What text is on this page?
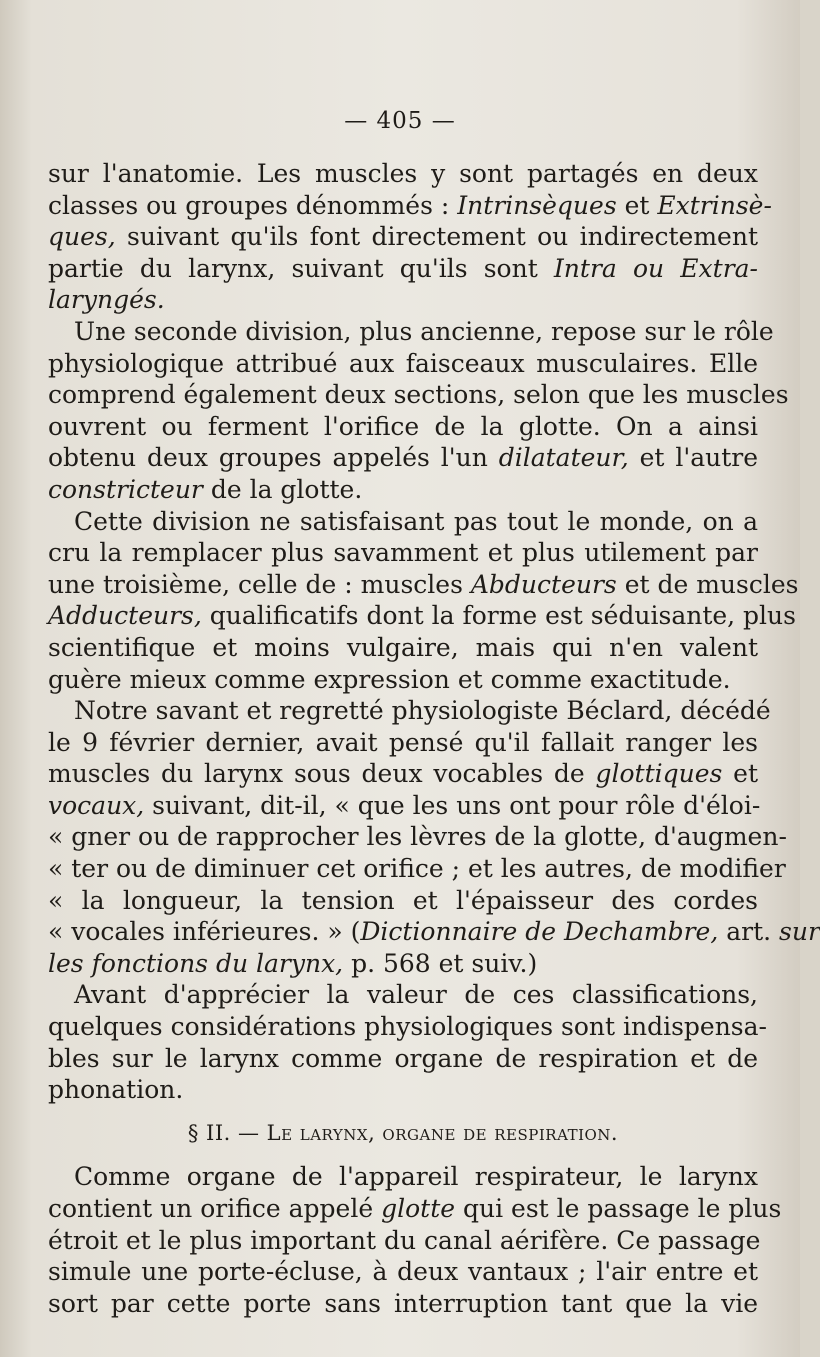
— 405 —
sur l'anatomie. Les muscles y sont partagés en deux
classes ou groupes dénommés : Intrinsèques et Extrinsè-
ques, suivant qu'ils font directement ou indirectement
partie du larynx, suivant qu'ils sont Intra ou Extra-
laryngés.
Une seconde division, plus ancienne, repose sur le rôle
physiologique attribué aux faisceaux musculaires. Elle
comprend également deux sections, selon que les muscles
ouvrent ou ferment l'orifice de la glotte. On a ainsi
obtenu deux groupes appelés l'un dilatateur, et l'autre
constricteur de la glotte.
Cette division ne satisfaisant pas tout le monde, on a
cru la remplacer plus savamment et plus utilement par
une troisième, celle de : muscles Abducteurs et de muscles
Adducteurs, qualificatifs dont la forme est séduisante, plus
scientifique et moins vulgaire, mais qui n'en valent
guère mieux comme expression et comme exactitude.
Notre savant et regretté physiologiste Béclard, décédé
le 9 février dernier, avait pensé qu'il fallait ranger les
muscles du larynx sous deux vocables de glottiques et
vocaux, suivant, dit-il, « que les uns ont pour rôle d'éloi-
« gner ou de rapprocher les lèvres de la glotte, d'augmen-
« ter ou de diminuer cet orifice ; et les autres, de modifier
« la longueur, la tension et l'épaisseur des cordes
« vocales inférieures. » (Dictionnaire de Dechambre, art. sur
les fonctions du larynx, p. 568 et suiv.)
Avant d'apprécier la valeur de ces classifications,
quelques considérations physiologiques sont indispensa-
bles sur le larynx comme organe de respiration et de
phonation.
§ II. — Le larynx, organe de respiration.
Comme organe de l'appareil respirateur, le larynx
contient un orifice appelé glotte qui est le passage le plus
étroit et le plus important du canal aérifère. Ce passage
simule une porte-écluse, à deux vantaux ; l'air entre et
sort par cette porte sans interruption tant que la vie
